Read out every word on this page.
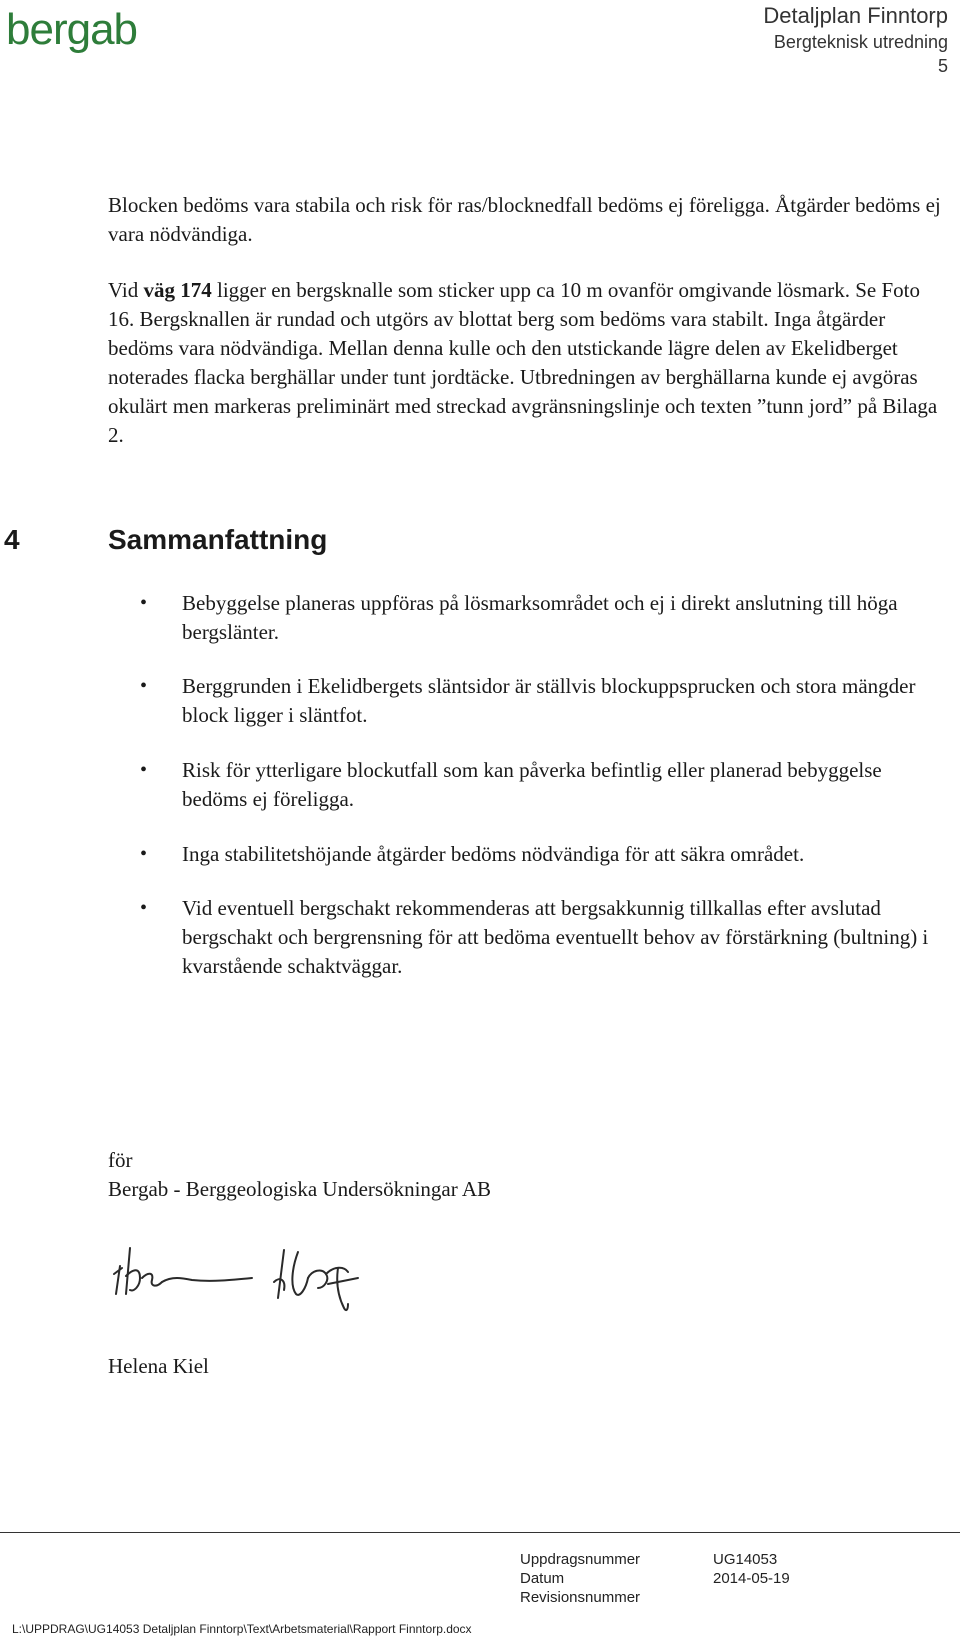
bergab	Detaljplan Finntorp
Bergteknisk utredning
5

Blocken bedöms vara stabila och risk för ras/blocknedfall bedöms ej föreligga. Åtgärder bedöms ej vara nödvändiga.

Vid väg 174 ligger en bergsknalle som sticker upp ca 10 m ovanför omgivande lösmark. Se Foto 16. Bergsknallen är rundad och utgörs av blottat berg som bedöms vara stabilt. Inga åtgärder bedöms vara nödvändiga. Mellan denna kulle och den utstickande lägre delen av Ekelidberget noterades flacka berghällar under tunt jordtäcke. Utbredningen av berghällarna kunde ej avgöras okulärt men markeras preliminärt med streckad avgränsningslinje och texten ”tunn jord” på Bilaga 2.

4	Sammanfattning
• Bebyggelse planeras uppföras på lösmarksområdet och ej i direkt anslutning till höga bergslänter.
• Berggrunden i Ekelidbergets släntsidor är ställvis blockuppsprucken och stora mängder block ligger i släntfot.
• Risk för ytterligare blockutfall som kan påverka befintlig eller planerad bebyggelse bedöms ej föreligga.
• Inga stabilitetshöjande åtgärder bedöms nödvändiga för att säkra området.
• Vid eventuell bergschakt rekommenderas att bergsakkunnig tillkallas efter avslutad bergschakt och bergrensning för att bedöma eventuellt behov av förstärkning (bultning) i kvarstående schaktväggar.
för
Bergab - Berggeologiska Undersökningar AB
Helena Kiel
Uppdragsnummer	UG14053
Datum	2014-05-19
Revisionsnummer
L:\UPPDRAG\UG14053 Detaljplan Finntorp\Text\Arbetsmaterial\Rapport Finntorp.docx
